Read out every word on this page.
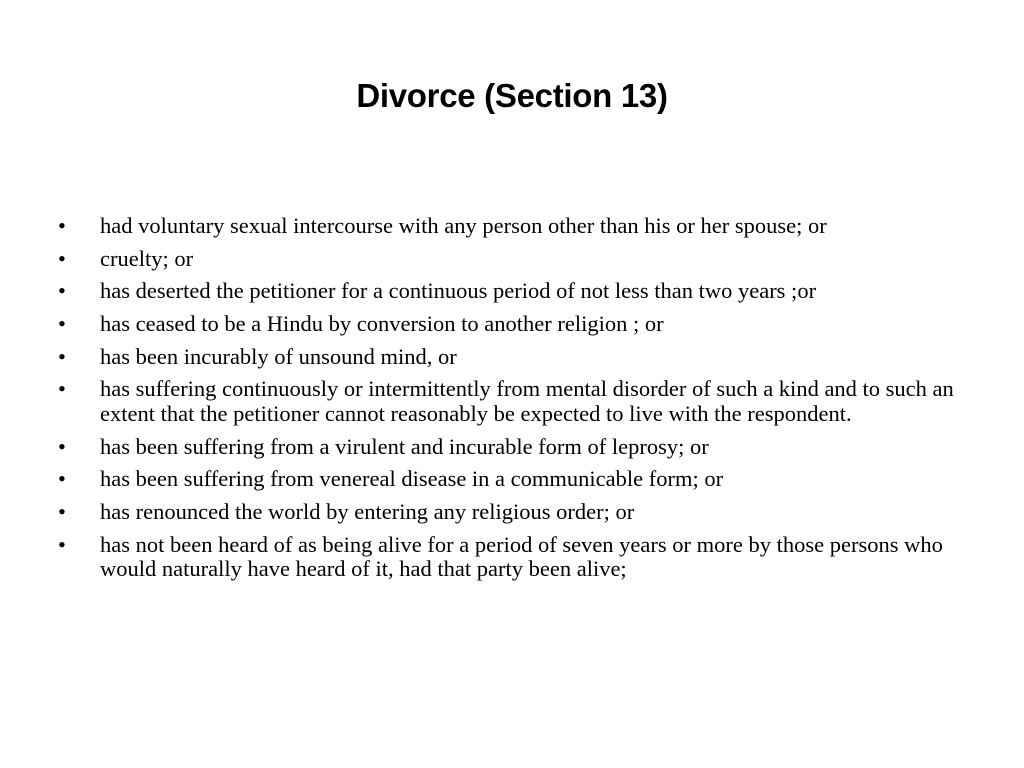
Divorce (Section 13)
•	had voluntary sexual intercourse with any person other than his or her spouse; or
•	cruelty; or
•	has deserted the petitioner for a continuous period of not less than two years ;or
•	has ceased to be a Hindu by conversion to another religion ; or
•	has been incurably of unsound mind, or
•	has suffering continuously or intermittently from mental disorder of such a kind and to such an extent that the petitioner cannot reasonably be expected to live with the respondent.
•	has been suffering from a virulent and incurable form of leprosy; or
•	has been suffering from venereal disease in a communicable form; or
•	has renounced the world by entering any religious order; or
•	has not been heard of as being alive for a period of seven years or more by those persons who would naturally have heard of it, had that party been alive;
